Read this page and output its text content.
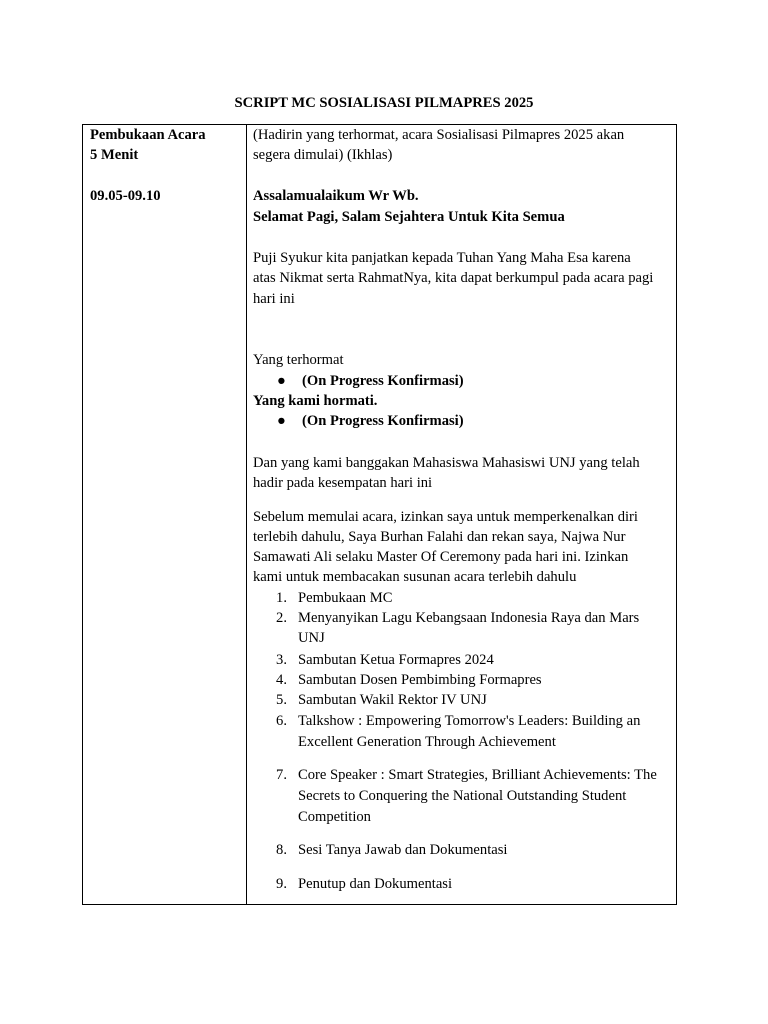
SCRIPT MC SOSIALISASI PILMAPRES 2025
Pembukaan Acara
5 Menit
09.05-09.10
(Hadirin yang terhormat, acara Sosialisasi Pilmapres 2025 akan
segera dimulai) (Ikhlas)
Assalamualaikum Wr Wb.
Selamat Pagi, Salam Sejahtera Untuk Kita Semua
Puji Syukur kita panjatkan kepada Tuhan Yang Maha Esa karena
atas Nikmat serta RahmatNya, kita dapat berkumpul pada acara pagi
hari ini
Yang terhormat
● (On Progress Konfirmasi)
Yang kami hormati.
● (On Progress Konfirmasi)
Dan yang kami banggakan Mahasiswa Mahasiswi UNJ yang telah
hadir pada kesempatan hari ini
Sebelum memulai acara, izinkan saya untuk memperkenalkan diri
terlebih dahulu, Saya Burhan Falahi dan rekan saya, Najwa Nur
Samawati Ali selaku Master Of Ceremony pada hari ini. Izinkan
kami untuk membacakan susunan acara terlebih dahulu
1. Pembukaan MC
2. Menyanyikan Lagu Kebangsaan Indonesia Raya dan Mars
UNJ
3. Sambutan Ketua Formapres 2024
4. Sambutan Dosen Pembimbing Formapres
5. Sambutan Wakil Rektor IV UNJ
6. Talkshow : Empowering Tomorrow's Leaders: Building an
Excellent Generation Through Achievement
7. Core Speaker : Smart Strategies, Brilliant Achievements: The
Secrets to Conquering the National Outstanding Student
Competition
8. Sesi Tanya Jawab dan Dokumentasi
9. Penutup dan Dokumentasi
